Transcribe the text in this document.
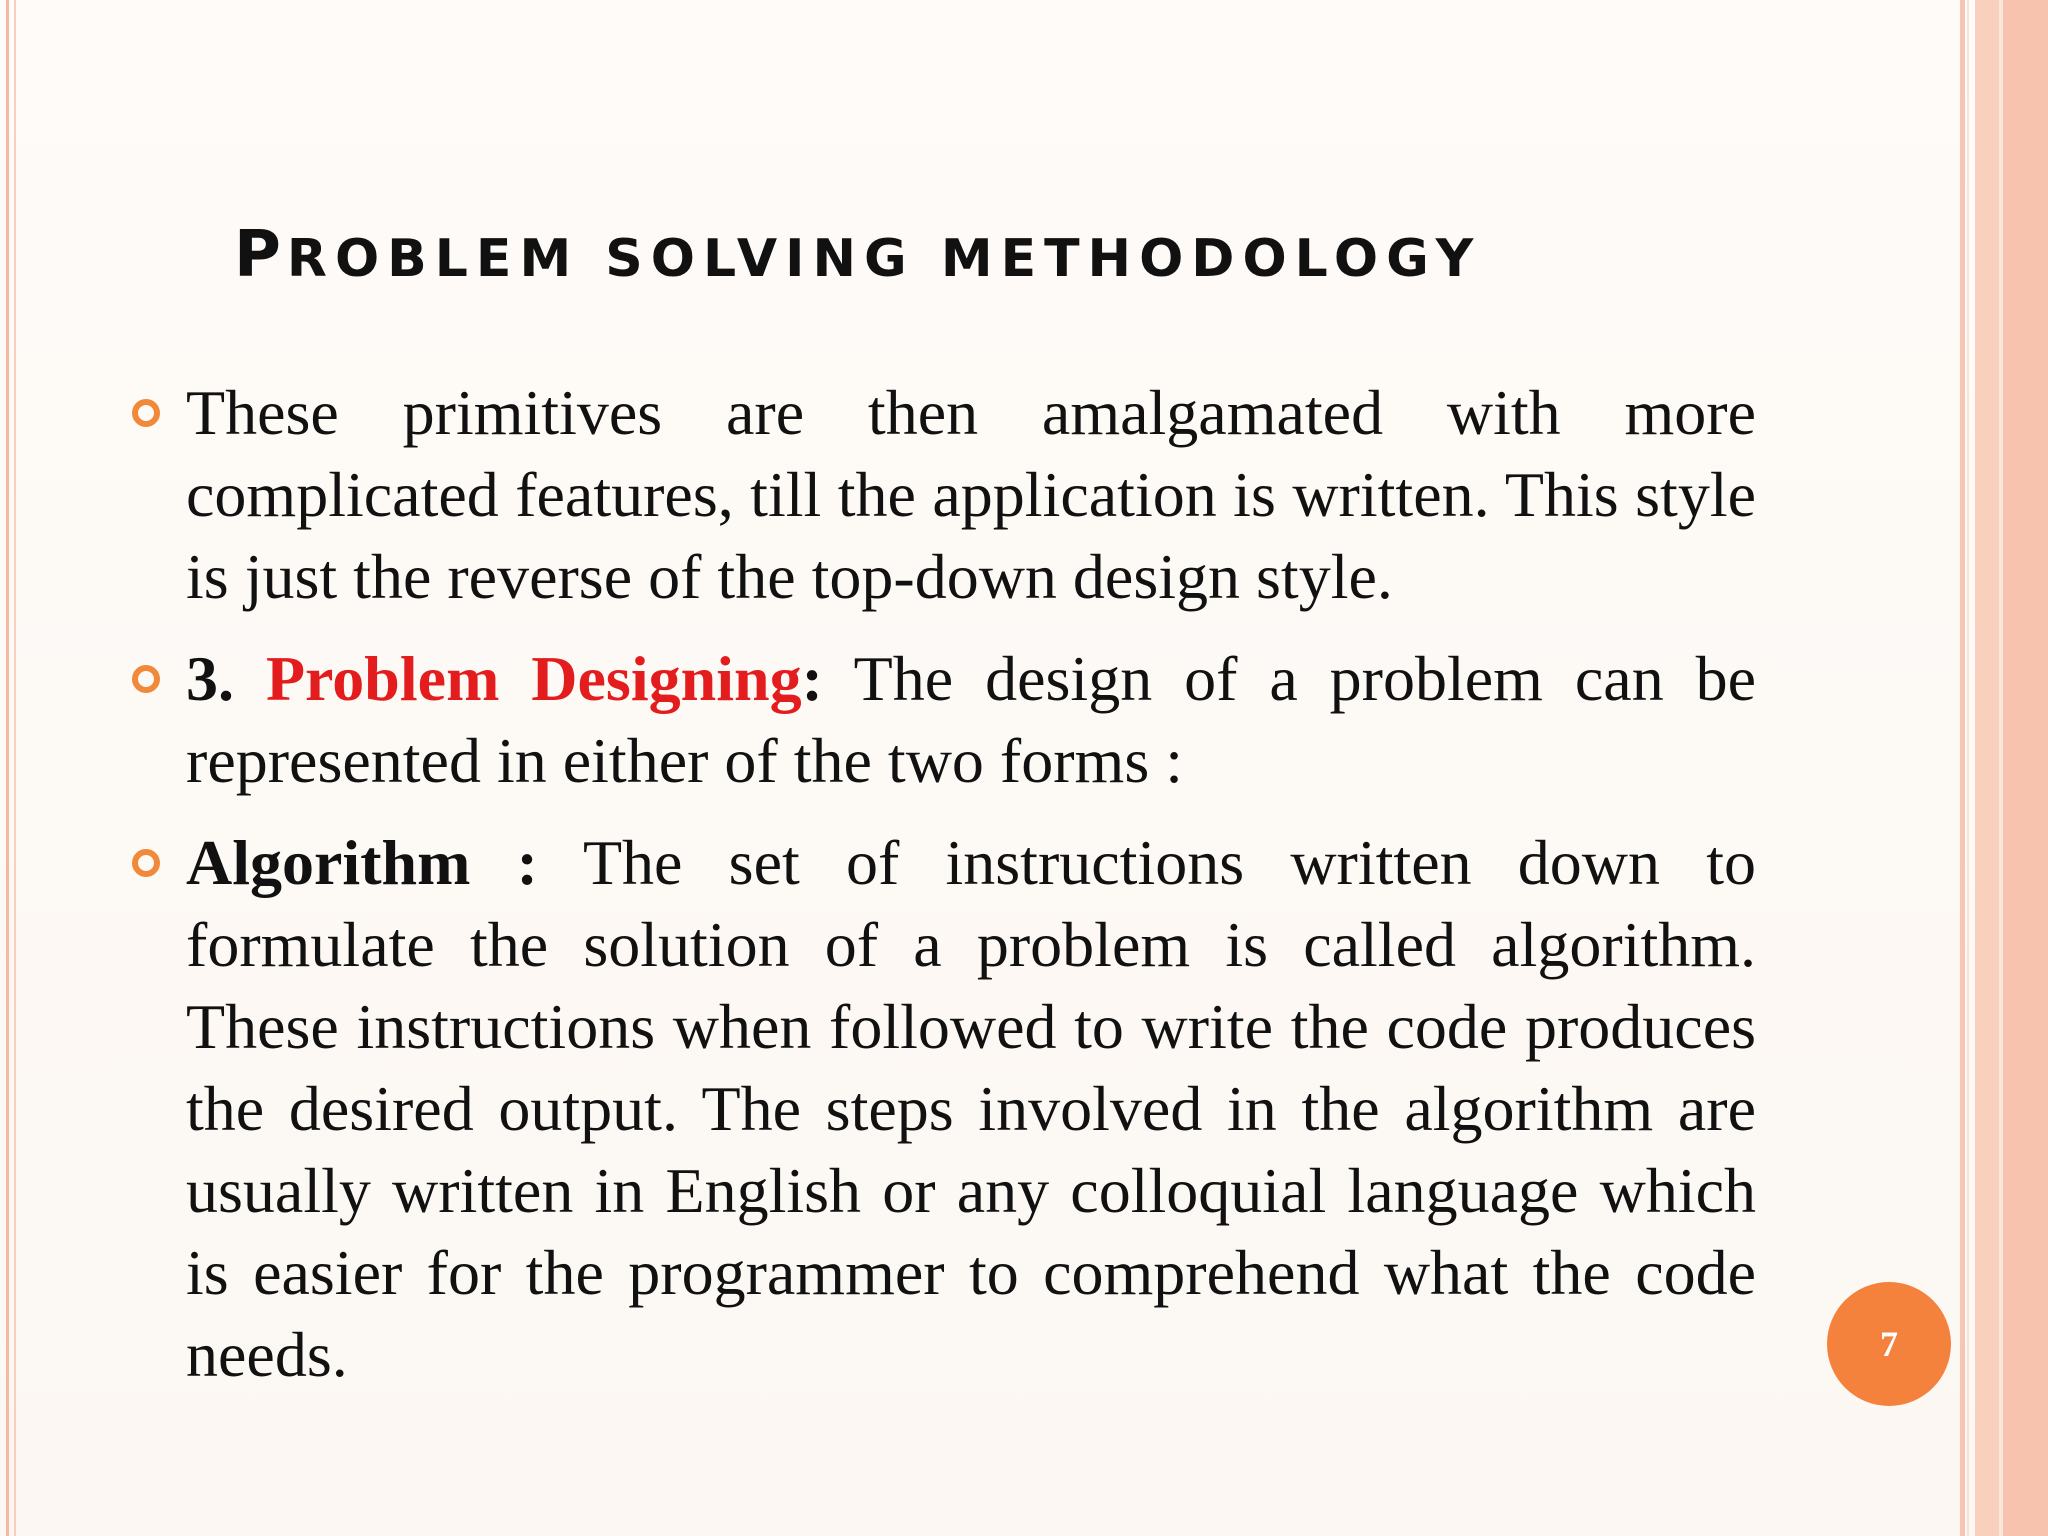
PROBLEM SOLVING METHODOLOGY

These primitives are then amalgamated with more complicated features, till the application is written. This style is just the reverse of the top-down design style.

3. Problem Designing: The design of a problem can be represented in either of the two forms :

Algorithm : The set of instructions written down to formulate the solution of a problem is called algorithm. These instructions when followed to write the code produces the desired output. The steps involved in the algorithm are usually written in English or any colloquial language which is easier for the programmer to comprehend what the code needs.	7
